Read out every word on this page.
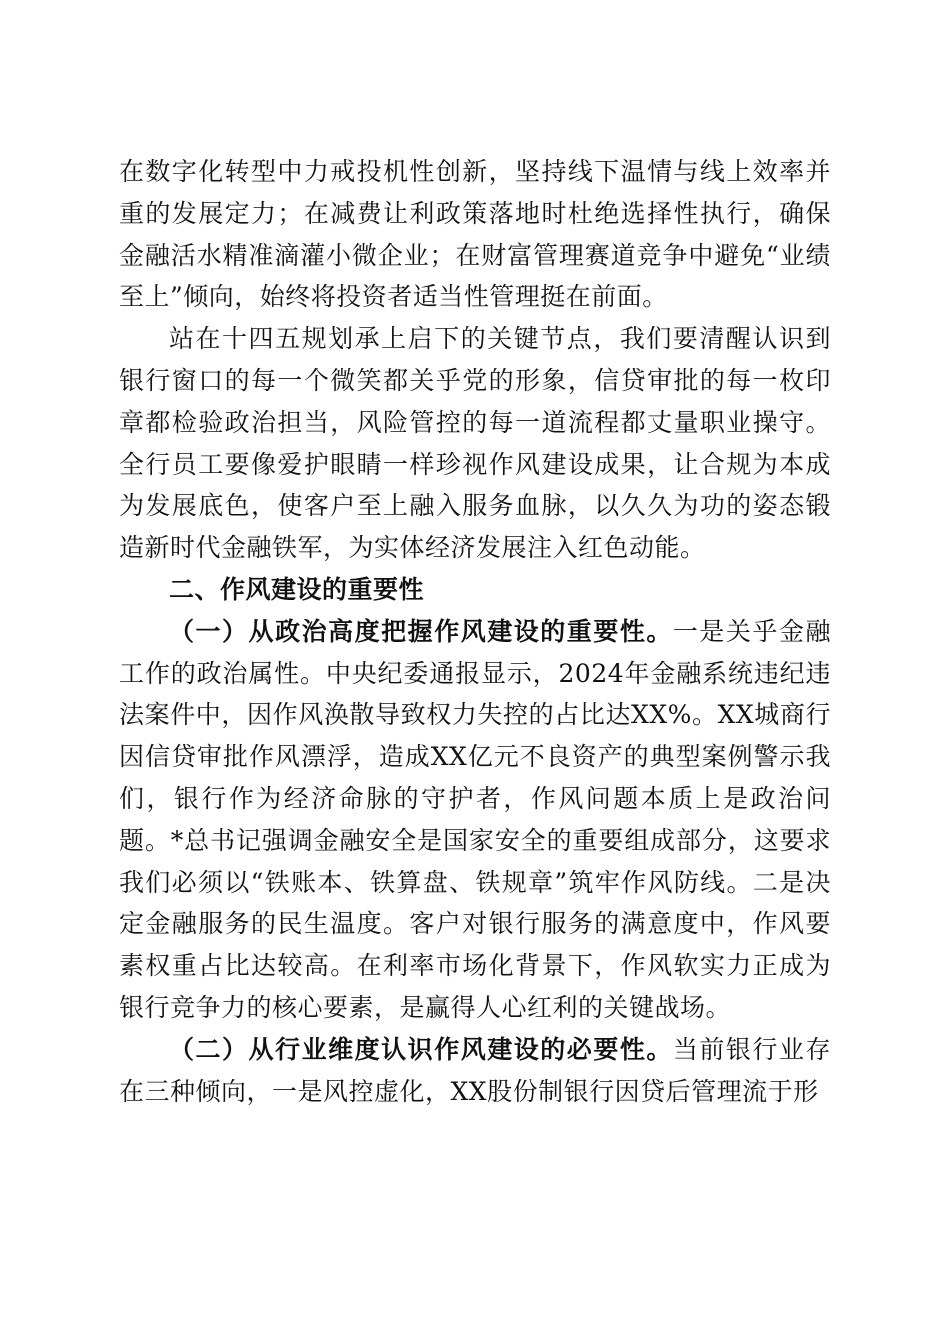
在数字化转型中力戒投机性创新，坚持线下温情与线上效率并重的发展定力；在减费让利政策落地时杜绝选择性执行，确保金融活水精准滴灌小微企业；在财富管理赛道竞争中避免“业绩至上”倾向，始终将投资者适当性管理挺在前面。

站在十四五规划承上启下的关键节点，我们要清醒认识到银行窗口的每一个微笑都关乎党的形象，信贷审批的每一枚印章都检验政治担当，风险管控的每一道流程都丈量职业操守。全行员工要像爱护眼睛一样珍视作风建设成果，让合规为本成为发展底色，使客户至上融入服务血脉，以久久为功的姿态锻造新时代金融铁军，为实体经济发展注入红色动能。

二、作风建设的重要性

（一）从政治高度把握作风建设的重要性。一是关乎金融工作的政治属性。中央纪委通报显示，2024年金融系统违纪违法案件中，因作风涣散导致权力失控的占比达XX%。XX城商行因信贷审批作风漂浮，造成XX亿元不良资产的典型案例警示我们，银行作为经济命脉的守护者，作风问题本质上是政治问题。*总书记强调金融安全是国家安全的重要组成部分，这要求我们必须以“铁账本、铁算盘、铁规章”筑牢作风防线。二是决定金融服务的民生温度。客户对银行服务的满意度中，作风要素权重占比达较高。在利率市场化背景下，作风软实力正成为银行竞争力的核心要素，是赢得人心红利的关键战场。

（二）从行业维度认识作风建设的必要性。当前银行业存在三种倾向，一是风控虚化，XX股份制银行因贷后管理流于形
